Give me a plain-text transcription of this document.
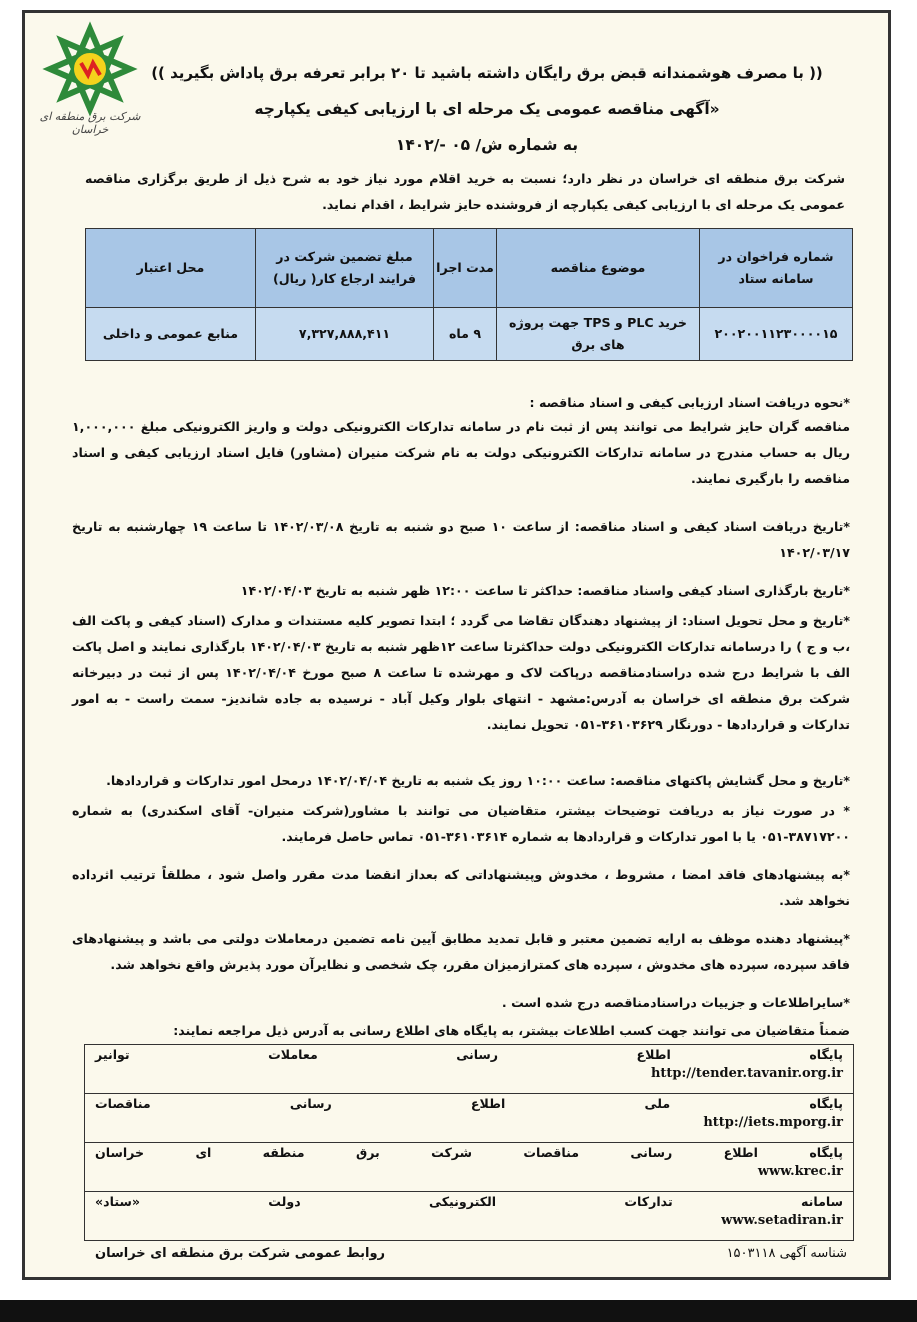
شرکت برق منطقه ای خراسان
(( با مصرف هوشمندانه قبض برق رایگان داشته باشید تا ۲۰ برابر تعرفه برق پاداش بگیرید ))
«آگهی مناقصه عمومی یک مرحله ای با ارزیابی کیفی یکپارچه
به شماره ش/ ۰۵ -/۱۴۰۲
شرکت برق منطقه ای خراسان در نظر دارد؛ نسبت به خرید اقلام مورد نیاز خود به شرح ذیل از طریق برگزاری مناقصه عمومی یک مرحله ای با ارزیابی کیفی یکپارچه از فروشنده حایز شرایط ، اقدام نماید.
شماره فراخوان در سامانه ستاد	موضوع مناقصه	مدت اجرا	مبلغ تضمین شرکت در فرایند ارجاع کار( ریال)	محل اعتبار
۲۰۰۲۰۰۱۱۲۳۰۰۰۰۱۵	خرید PLC و TPS جهت پروژه های برق	۹ ماه	۷,۳۲۷,۸۸۸,۴۱۱	منابع عمومی و داخلی
*نحوه دریافت اسناد ارزیابی کیفی و اسناد مناقصه :
مناقصه گران حایز شرایط می توانند پس از ثبت نام در سامانه تدارکات الکترونیکی دولت و واریز الکترونیکی مبلغ ۱,۰۰۰,۰۰۰ ریال به حساب مندرج در سامانه تدارکات الکترونیکی دولت به نام شرکت منیران (مشاور) فایل اسناد ارزیابی کیفی و اسناد مناقصه را بارگیری نمایند.
*تاریخ دریافت اسناد کیفی و اسناد مناقصه: از ساعت ۱۰ صبح دو شنبه به تاریخ ۱۴۰۲/۰۳/۰۸ تا ساعت ۱۹ چهارشنبه به تاریخ ۱۴۰۲/۰۳/۱۷
*تاریخ بارگذاری اسناد کیفی واسناد مناقصه: حداکثر تا ساعت ۱۲:۰۰ ظهر شنبه به تاریخ ۱۴۰۲/۰۴/۰۳
*تاریخ و محل تحویل اسناد: از پیشنهاد دهندگان تقاضا می گردد ؛ ابتدا تصویر کلیه مستندات و مدارک (اسناد کیفی و پاکت الف ،ب و ج ) را درسامانه تدارکات الکترونیکی دولت حداکثرتا ساعت ۱۲ظهر شنبه به تاریخ ۱۴۰۲/۰۴/۰۳ بارگذاری نمایند و اصل پاکت الف با شرایط درج شده دراسنادمناقصه درپاکت لاک و مهرشده تا ساعت ۸ صبح مورخ ۱۴۰۲/۰۴/۰۴ پس از ثبت در دبیرخانه شرکت برق منطقه ای خراسان به آدرس:مشهد - انتهای بلوار وکیل آباد - نرسیده به جاده شاندیز- سمت راست - به امور تدارکات و قراردادها - دورنگار ۳۶۱۰۳۶۲۹-۰۵۱ تحویل نمایند.
*تاریخ و محل گشایش پاکتهای مناقصه: ساعت ۱۰:۰۰ روز یک شنبه به تاریخ ۱۴۰۲/۰۴/۰۴ درمحل امور تدارکات و قراردادها.
* در صورت نیاز به دریافت توضیحات بیشتر، متقاضیان می توانند با مشاور(شرکت منیران- آقای اسکندری) به شماره ۳۸۷۱۷۲۰۰-۰۵۱ یا با امور تدارکات و قراردادها به شماره ۳۶۱۰۳۶۱۴-۰۵۱ تماس حاصل فرمایند.
*به پیشنهادهای فاقد امضا ، مشروط ، مخدوش وپیشنهاداتی که بعداز انقضا مدت مقرر واصل شود ، مطلقاً ترتیب اثرداده نخواهد شد.
*پیشنهاد دهنده موظف به ارایه تضمین معتبر و قابل تمدید مطابق آیین نامه تضمین درمعاملات دولتی می باشد و پیشنهادهای فاقد سپرده، سپرده های مخدوش ، سپرده های کمترازمیزان مقرر، چک شخصی و نظایرآن مورد پذیرش واقع نخواهد شد.
*سایراطلاعات و جزییات دراسنادمناقصه درج شده است .
ضمناً متقاضیان می توانند جهت کسب اطلاعات بیشتر، به پایگاه های اطلاع رسانی به آدرس ذیل مراجعه نمایند:
پایگاه اطلاع رسانی معاملات توانیر
http://tender.tavanir.org.ir

پایگاه ملی اطلاع رسانی مناقصات
http://iets.mporg.ir

پایگاه اطلاع رسانی مناقصات شرکت برق منطقه ای خراسان
www.krec.ir

سامانه تدارکات الکترونیکی دولت «ستاد»
www.setadiran.ir
شناسه آگهی ۱۵۰۳۱۱۸
روابط عمومی شرکت برق منطقه ای خراسان
